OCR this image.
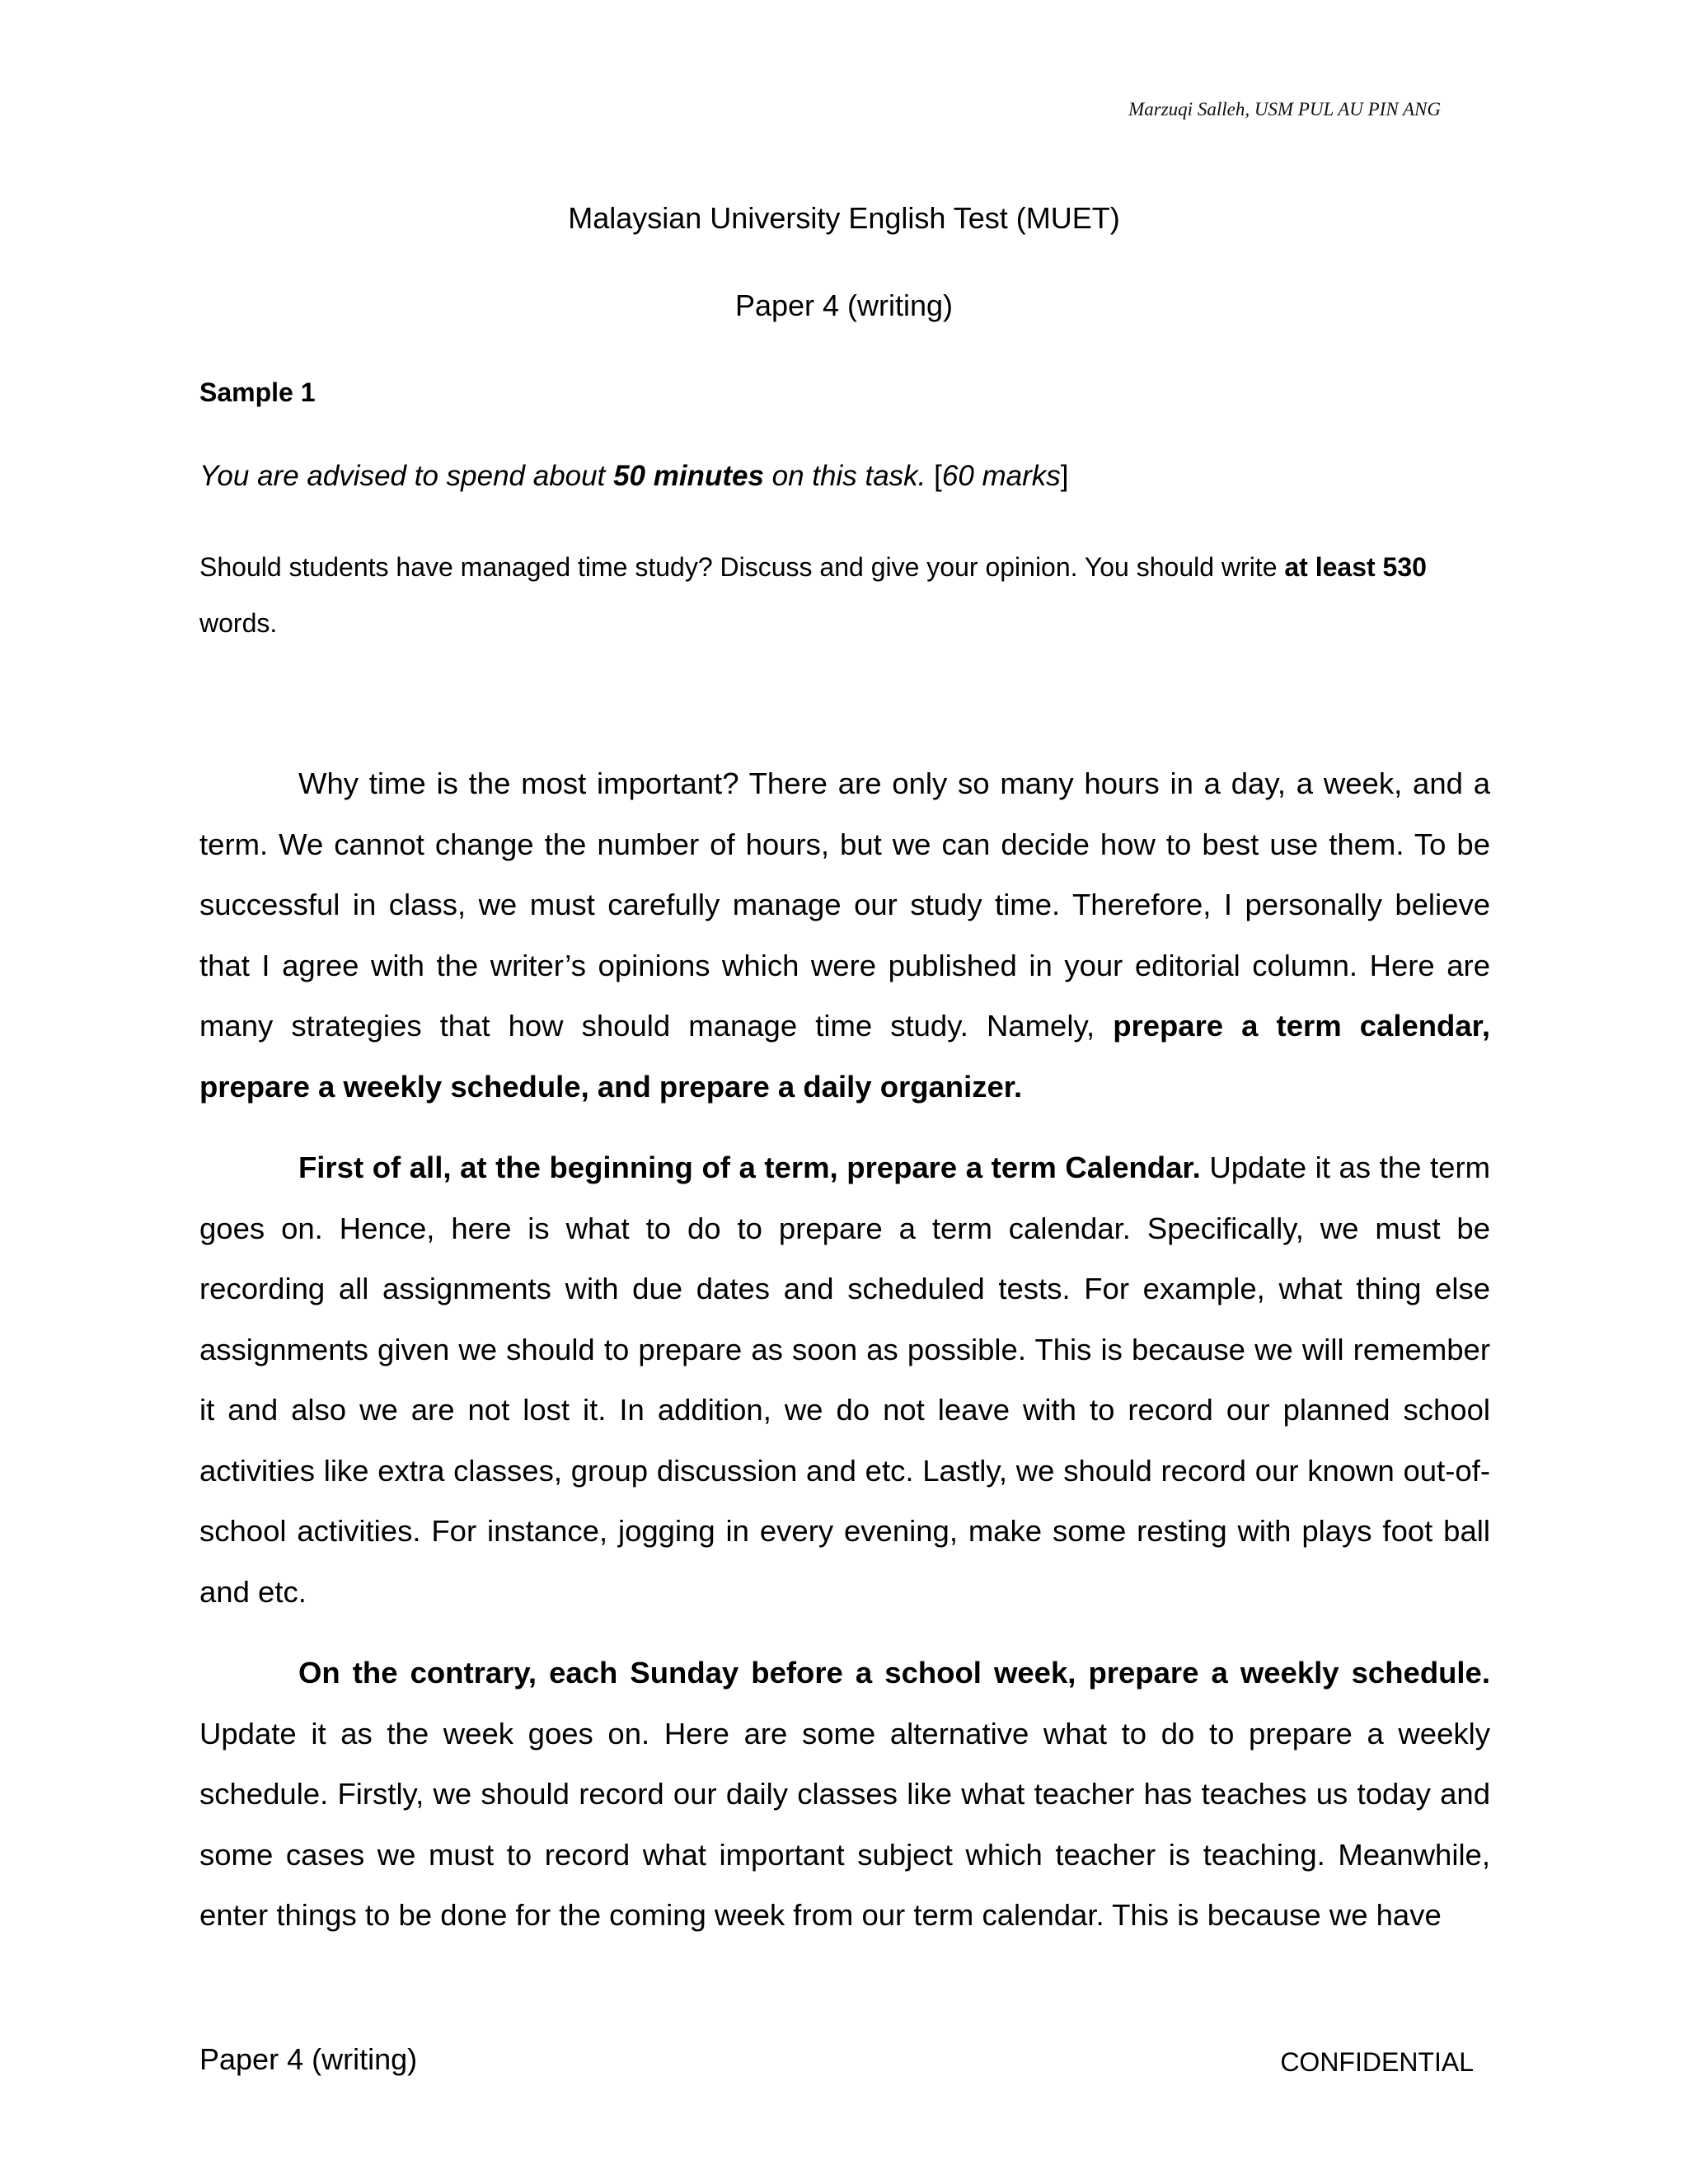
Marzuqi Salleh, USM PUL AU PIN ANG
Malaysian University English Test (MUET)
Paper 4 (writing)
Sample 1
You are advised to spend about 50 minutes on this task. [60 marks]

Should students have managed time study? Discuss and give your opinion. You should write at least 530 words.

Why time is the most important? There are only so many hours in a day, a week, and a term. We cannot change the number of hours, but we can decide how to best use them. To be successful in class, we must carefully manage our study time. Therefore, I personally believe that I agree with the writer’s opinions which were published in your editorial column. Here are many strategies that how should manage time study. Namely, prepare a term calendar, prepare a weekly schedule, and prepare a daily organizer.

First of all, at the beginning of a term, prepare a term Calendar. Update it as the term goes on. Hence, here is what to do to prepare a term calendar. Specifically, we must be recording all assignments with due dates and scheduled tests. For example, what thing else assignments given we should to prepare as soon as possible. This is because we will remember it and also we are not lost it. In addition, we do not leave with to record our planned school activities like extra classes, group discussion and etc. Lastly, we should record our known out-of-school activities. For instance, jogging in every evening, make some resting with plays foot ball and etc.

On the contrary, each Sunday before a school week, prepare a weekly schedule. Update it as the week goes on. Here are some alternative what to do to prepare a weekly schedule. Firstly, we should record our daily classes like what teacher has teaches us today and some cases we must to record what important subject which teacher is teaching. Meanwhile, enter things to be done for the coming week from our term calendar. This is because we have

Paper 4 (writing)	CONFIDENTIAL
